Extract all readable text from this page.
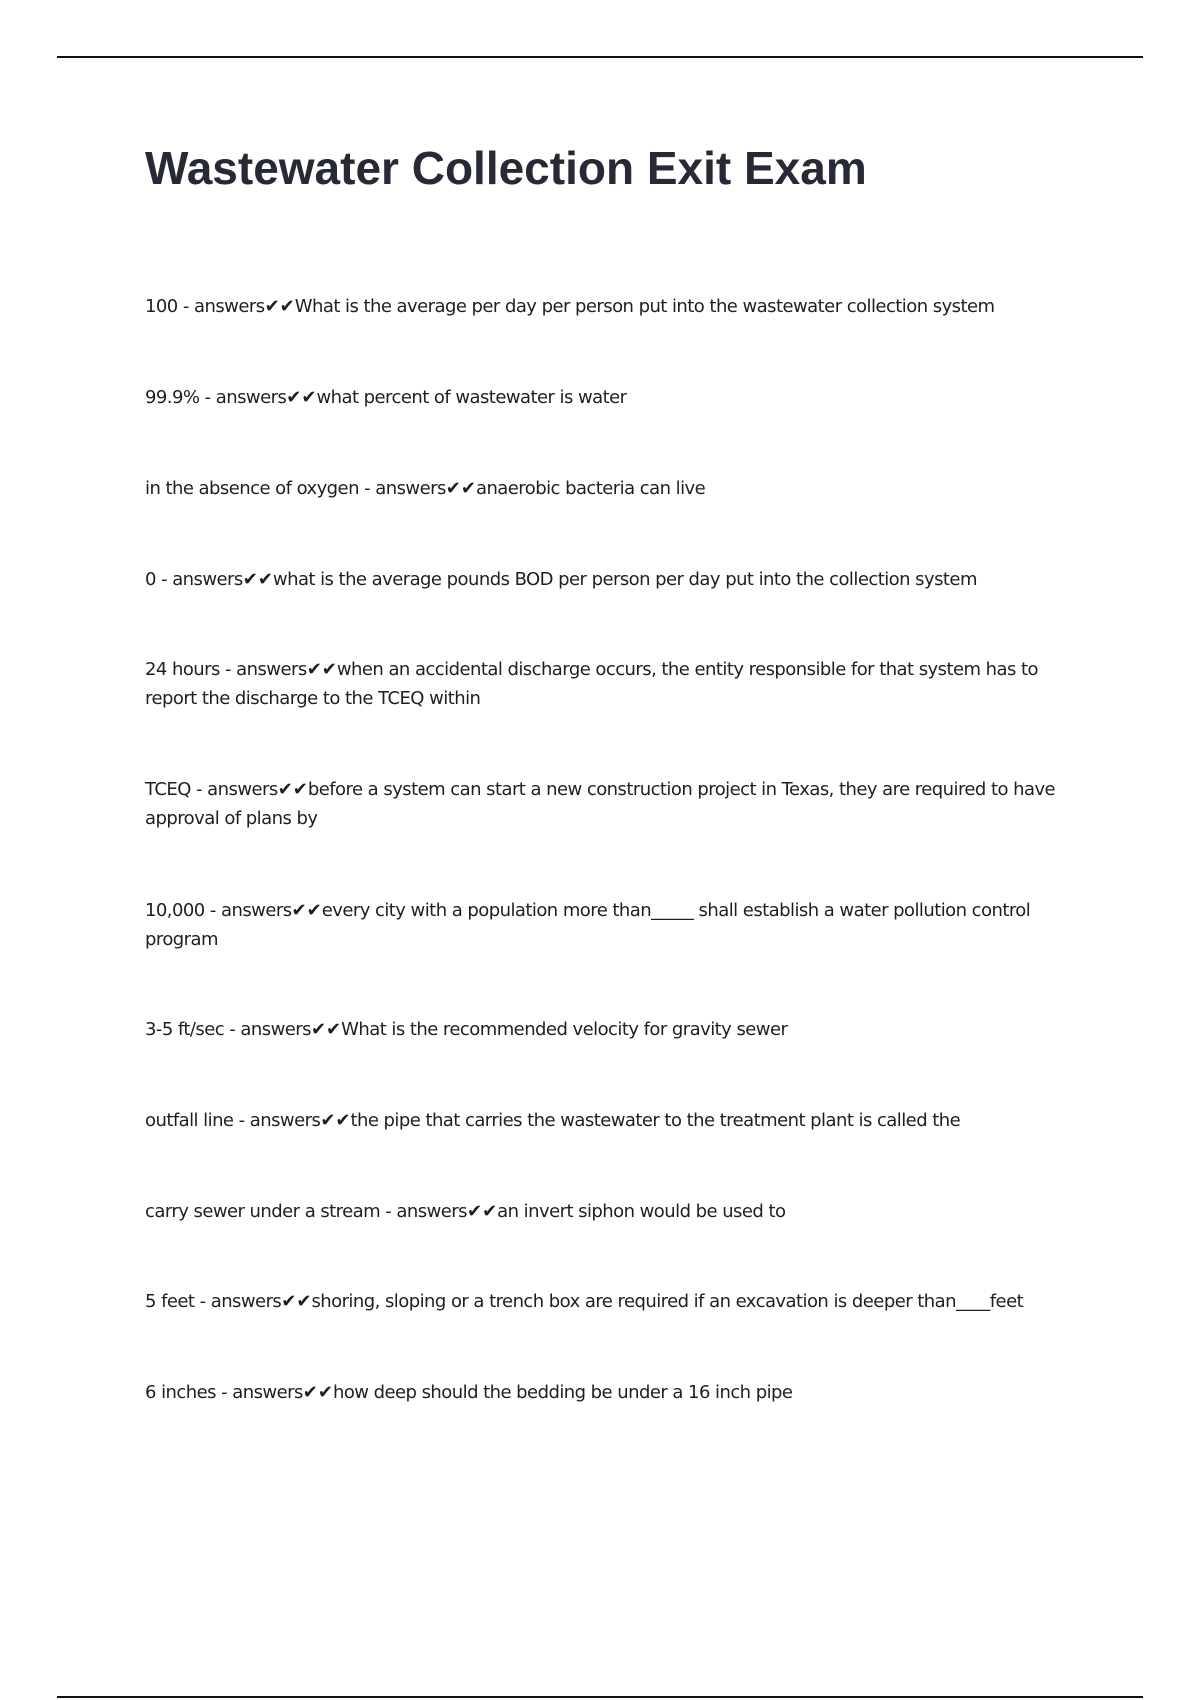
Wastewater Collection Exit Exam
100 - answers✔✔What is the average per day per person put into the wastewater collection system
99.9% - answers✔✔what percent of wastewater is water
in the absence of oxygen - answers✔✔anaerobic bacteria can live
0 - answers✔✔what is the average pounds BOD per person per day put into the collection system
24 hours - answers✔✔when an accidental discharge occurs, the entity responsible for that system has to report the discharge to the TCEQ within
TCEQ - answers✔✔before a system can start a new construction project in Texas, they are required to have approval of plans by
10,000 - answers✔✔every city with a population more than_____ shall establish a water pollution control program
3-5 ft/sec - answers✔✔What is the recommended velocity for gravity sewer
outfall line - answers✔✔the pipe that carries the wastewater to the treatment plant is called the
carry sewer under a stream - answers✔✔an invert siphon would be used to
5 feet - answers✔✔shoring, sloping or a trench box are required if an excavation is deeper than____feet
6 inches - answers✔✔how deep should the bedding be under a 16 inch pipe
